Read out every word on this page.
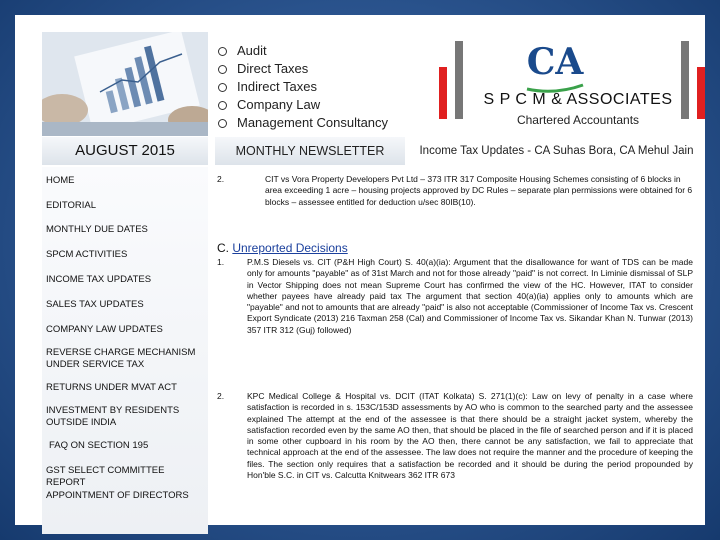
Audit
Direct Taxes
Indirect Taxes
Company Law
Management Consultancy
CA
S P C M & ASSOCIATES
Chartered Accountants
AUGUST 2015	MONTHLY NEWSLETTER	Income Tax Updates - CA Suhas Bora, CA Mehul Jain
HOME
EDITORIAL
MONTHLY DUE DATES
SPCM ACTIVITIES
INCOME TAX UPDATES
SALES TAX UPDATES
COMPANY LAW UPDATES
REVERSE CHARGE MECHANISM UNDER SERVICE TAX
RETURNS UNDER MVAT ACT
INVESTMENT BY RESIDENTS OUTSIDE INDIA
FAQ ON SECTION 195
GST SELECT COMMITTEE REPORT
APPOINTMENT OF DIRECTORS
2.	CIT vs Vora Property Developers Pvt Ltd – 373 ITR 317 Composite Housing Schemes consisting of 6 blocks in area exceeding 1 acre – housing projects approved by DC Rules – separate plan permissions were obtained for 6 blocks – assessee entitled for deduction u/sec 80IB(10).
C. Unreported Decisions
1.	P.M.S Diesels vs. CIT (P&H High Court) S. 40(a)(ia): Argument that the disallowance for want of TDS can be made only for amounts "payable" as of 31st March and not for those already "paid" is not correct. In Liminie dismissal of SLP in Vector Shipping does not mean Supreme Court has confirmed the view of the HC. However, ITAT to consider whether payees have already paid tax The argument that section 40(a)(ia) applies only to amounts which are "payable" and not to amounts that are already "paid" is also not acceptable (Commissioner of Income Tax vs. Crescent Export Syndicate (2013) 216 Taxman 258 (Cal) and Commissioner of Income Tax vs. Sikandar Khan N. Tunwar (2013) 357 ITR 312 (Guj) followed)
2.	KPC Medical College & Hospital vs. DCIT (ITAT Kolkata) S. 271(1)(c): Law on levy of penalty in a case where satisfaction is recorded in s. 153C/153D assessments by AO who is common to the searched party and the assessee explained The attempt at the end of the assessee is that there should be a straight jacket system, whereby the satisfaction recorded even by the same AO then, that should be placed in the file of searched person and if it is placed in some other cupboard in his room by the AO then, there cannot be any satisfaction, we fail to appreciate that technical approach at the end of the assessee. The law does not require the manner and the procedure of keeping the files. The section only requires that a satisfaction be recorded and it should be during the period propounded by Hon'ble S.C. in CIT vs. Calcutta Knitwears 362 ITR 673
